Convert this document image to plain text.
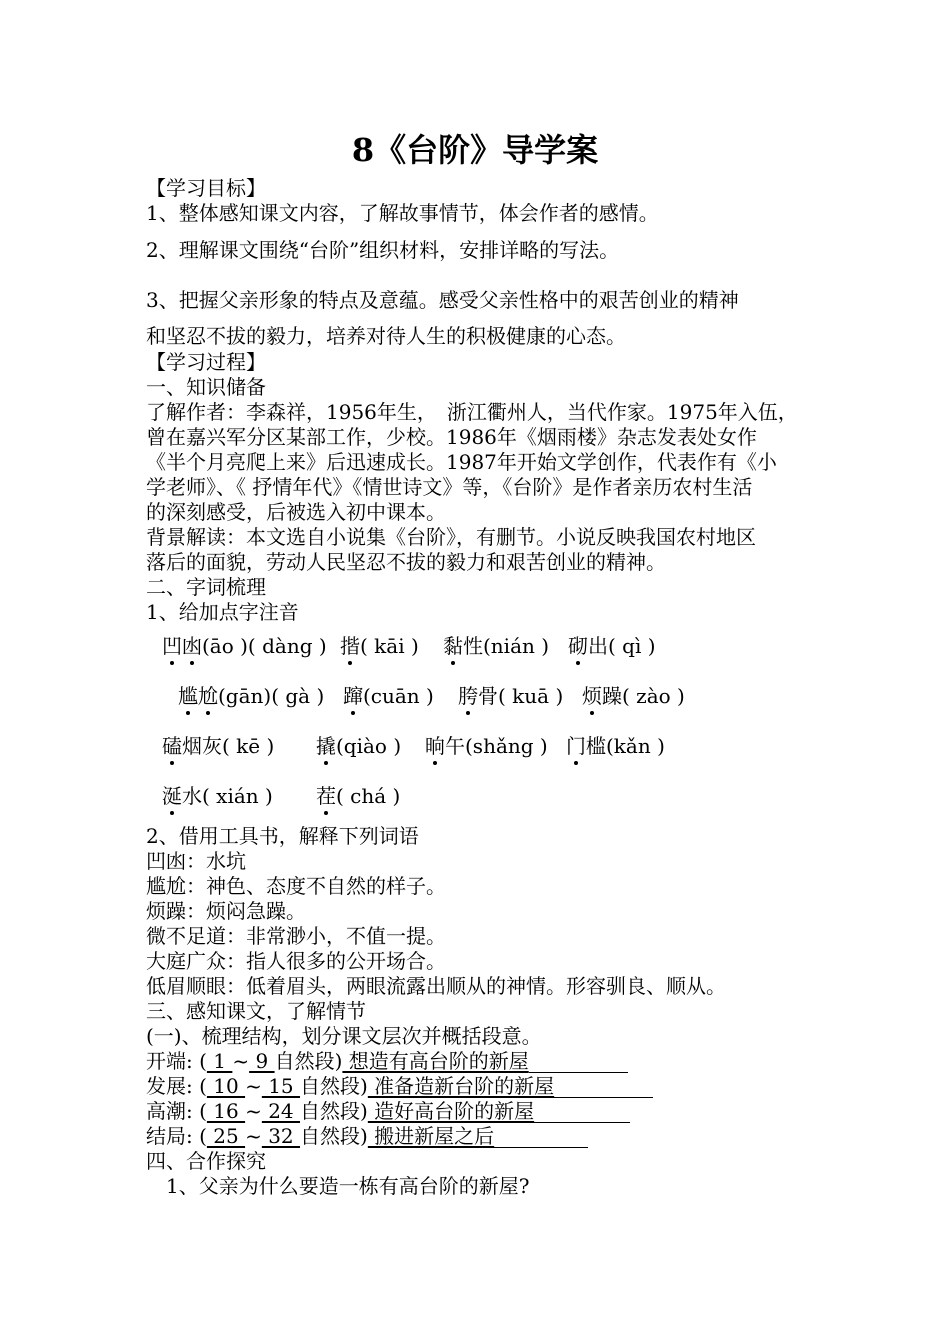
8《台阶》导学案
【学习目标】
1、整体感知课文内容，了解故事情节，体会作者的感情。
2、理解课文围绕“台阶”组织材料，安排详略的写法。
3、把握父亲形象的特点及意蕴。感受父亲性格中的艰苦创业的精神
和坚忍不拔的毅力，培养对待人生的积极健康的心态。
【学习过程】
一、知识储备
了解作者：李森祥，1956年生，　浙江衢州人，当代作家。1975年入伍，
曾在嘉兴军分区某部工作，少校。1986年《烟雨楼》杂志发表处女作
《半个月亮爬上来》后迅速成长。1987年开始文学创作，代表作有《小
学老师》、《 抒情年代》《情世诗文》等，《台阶》是作者亲历农村生活
的深刻感受，后被选入初中课本。
背景解读：本文选自小说集《台阶》，有删节。小说反映我国农村地区
落后的面貌，劳动人民坚忍不拔的毅力和艰苦创业的精神。
二、字词梳理
1、给加点字注音
凹凼(āo )( dàng ) 揩( kāi ) 黏性(nián ) 砌出( qì )
尴尬(gān)( gà ) 蹿(cuān ) 胯骨( kuā ) 烦躁( zào )
磕烟灰( kē ) 撬(qiào ) 晌午(shǎng ) 门槛(kǎn )
涎水( xián ) 茬( chá )
2、借用工具书，解释下列词语
凹凼：水坑
尴尬：神色、态度不自然的样子。
烦躁：烦闷急躁。
微不足道：非常渺小，不值一提。
大庭广众：指人很多的公开场合。
低眉顺眼：低着眉头，两眼流露出顺从的神情。形容驯良、顺从。
三、感知课文，了解情节
(一)、梳理结构，划分课文层次并概括段意。
开端: ( 1 ~ 9 自然段) 想造有高台阶的新屋
发展: ( 10 ~ 15 自然段) 准备造新台阶的新屋
高潮: ( 16 ~ 24 自然段) 造好高台阶的新屋
结局: ( 25 ~ 32 自然段) 搬进新屋之后
四、合作探究
1、父亲为什么要造一栋有高台阶的新屋?
